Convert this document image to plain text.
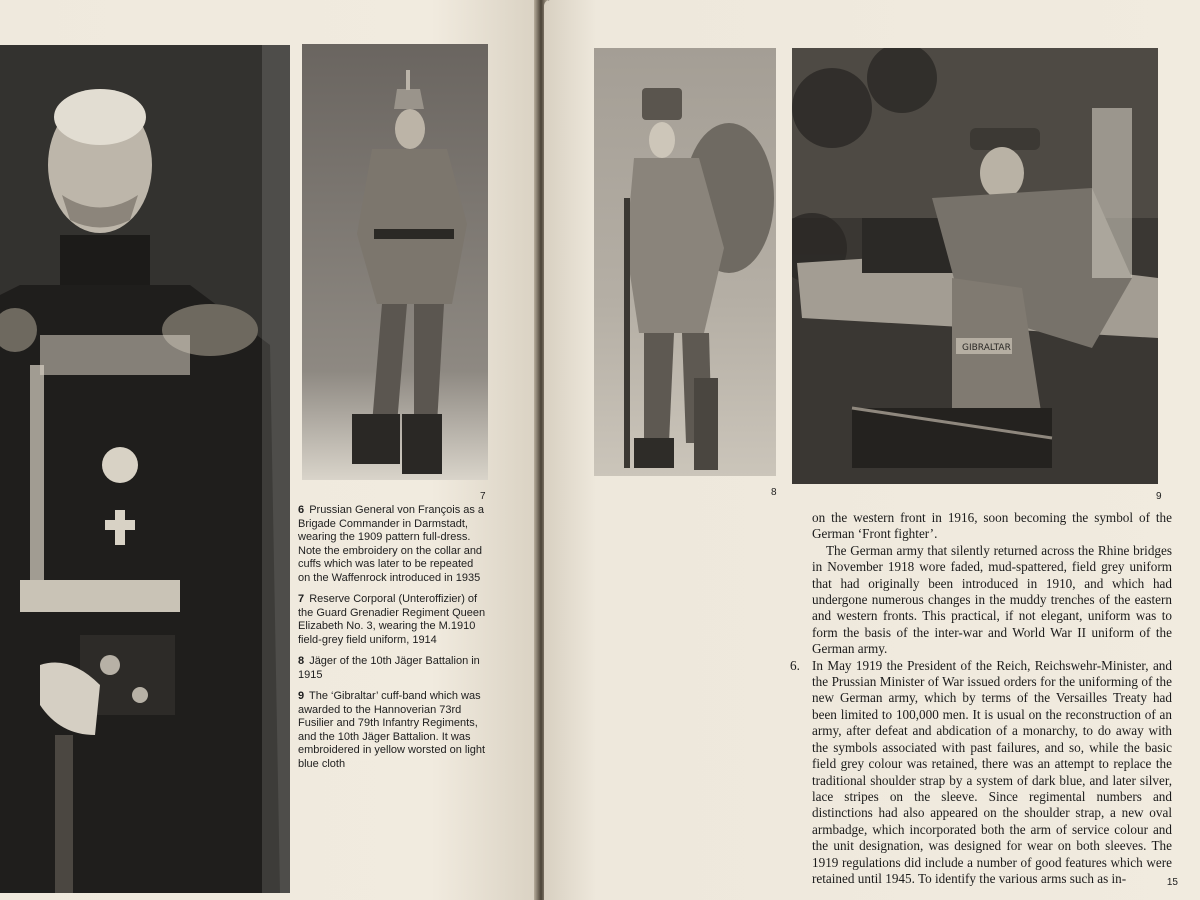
7

6 Prussian General von François as a Brigade Commander in Darmstadt, wearing the 1909 pattern full-dress. Note the embroidery on the collar and cuffs which was later to be repeated on the Waffenrock introduced in 1935

7 Reserve Corporal (Unteroffizier) of the Guard Grenadier Regiment Queen Elizabeth No. 3, wearing the M.1910 field-grey field uniform, 1914

8 Jäger of the 10th Jäger Battalion in 1915

9 The ‘Gibraltar’ cuff-band which was awarded to the Hannoverian 73rd Fusilier and 79th Infantry Regiments, and the 10th Jäger Battalion. It was embroidered in yellow worsted on light blue cloth

8
GIBRALTAR
9

on the western front in 1916, soon becoming the symbol of the German ‘Front fighter’.

The German army that silently returned across the Rhine bridges in November 1918 wore faded, mud-spattered, field grey uniform that had originally been introduced in 1910, and which had undergone numerous changes in the muddy trenches of the eastern and western fronts. This practical, if not elegant, uniform was to form the basis of the inter-war and World War II uniform of the German army.

6. In May 1919 the President of the Reich, Reichswehr-Minister, and the Prussian Minister of War issued orders for the uniforming of the new German army, which by terms of the Versailles Treaty had been limited to 100,000 men. It is usual on the reconstruction of an army, after defeat and abdication of a monarchy, to do away with the symbols associated with past failures, and so, while the basic field grey colour was retained, there was an attempt to replace the traditional shoulder strap by a system of dark blue, and later silver, lace stripes on the sleeve. Since regimental numbers and distinctions had also appeared on the shoulder strap, a new oval armbadge, which incorporated both the arm of service colour and the unit designation, was designed for wear on both sleeves. The 1919 regulations did include a number of good features which were retained until 1945. To identify the various arms such as in-	15
